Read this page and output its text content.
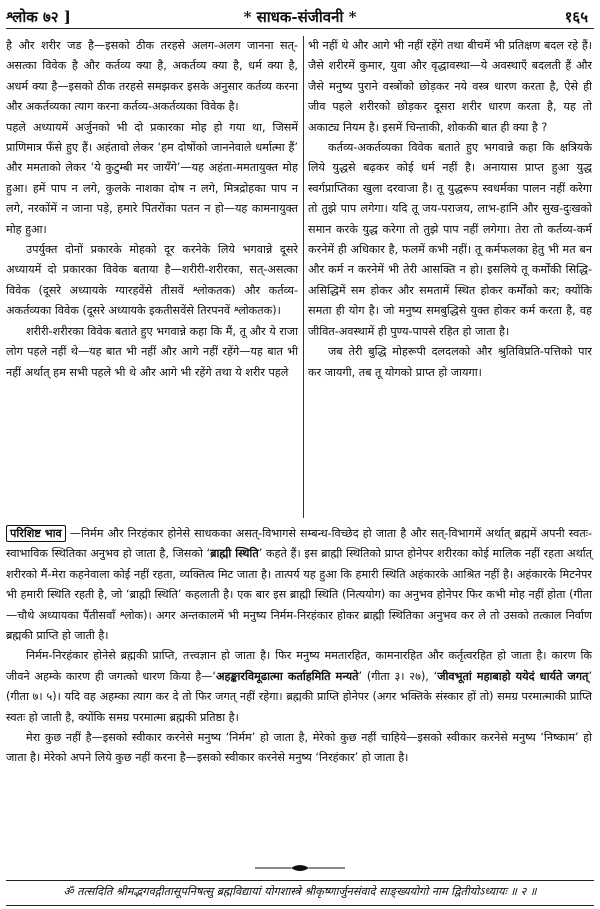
श्लोक ७२ ]	* साधक-संजीवनी *	१६५

है और शरीर जड है—इसको ठीक तरहसे अलग-अलग जानना सत्-असत्का विवेक है और कर्तव्य क्या है, अकर्तव्य क्या है, धर्म क्या है, अधर्म क्या है—इसको ठीक तरहसे समझकर इसके अनुसार कर्तव्य करना और अकर्तव्यका त्याग करना कर्तव्य-अकर्तव्यका विवेक है।

पहले अध्यायमें अर्जुनको भी दो प्रकारका मोह हो गया था, जिसमें प्राणिमात्र फँसे हुए हैं। अहंतावो लेकर ‘हम दोषोंको जाननेवाले धर्मात्मा हैं’ और ममताको लेकर ‘ये कुटुम्बी मर जायँगे’—यह अहंता-ममतायुक्त मोह हुआ। हमें पाप न लगे, कुलके नाशका दोष न लगे, मित्रद्रोहका पाप न लगे, नरकोंमें न जाना पड़े, हमारे पितरोंका पतन न हो—यह कामनायुक्त मोह हुआ।

उपर्युक्त दोनों प्रकारके मोहको दूर करनेके लिये भगवान्ने दूसरे अध्यायमें दो प्रकारका विवेक बताया है—शरीरी-शरीरका, सत्-असत्का विवेक (दूसरे अध्यायके ग्यारहवेंसे तीसवें श्लोकतक) और कर्तव्य-अकर्तव्यका विवेक (दूसरे अध्यायके इकतीसवेंसे तिरपनवें श्लोकतक)।

शरीरी-शरीरका विवेक बताते हुए भगवान्ने कहा कि मैं, तू और ये राजा लोग पहले नहीं थे—यह बात भी नहीं और आगे नहीं रहेंगे—यह बात भी नहीं अर्थात् हम सभी पहले भी थे और आगे भी रहेंगे तथा ये शरीर पहले

भी नहीं थे और आगे भी नहीं रहेंगे तथा बीचमें भी प्रतिक्षण बदल रहे हैं। जैसे शरीरमें कुमार, युवा और वृद्धावस्था—ये अवस्थाएँ बदलती हैं और जैसे मनुष्य पुराने वस्त्रोंको छोड़कर नये वस्त्र धारण करता है, ऐसे ही जीव पहले शरीरको छोड़कर दूसरा शरीर धारण करता है, यह तो अकाट्य नियम है। इसमें चिन्ताकी, शोककी बात ही क्या है ?

कर्तव्य-अकर्तव्यका विवेक बताते हुए भगवान्ने कहा कि क्षत्रियके लिये युद्धसे बढ़कर कोई धर्म नहीं है। अनायास प्राप्त हुआ युद्ध स्वर्गप्राप्तिका खुला दरवाजा है। तू युद्धरूप स्वधर्मका पालन नहीं करेगा तो तुझे पाप लगेगा। यदि तू जय-पराजय, लाभ-हानि और सुख-दुःखको समान करके युद्ध करेगा तो तुझे पाप नहीं लगेगा। तेरा तो कर्तव्य-कर्म करनेमें ही अधिकार है, फलमें कभी नहीं। तू कर्मफलका हेतु भी मत बन और कर्म न करनेमें भी तेरी आसक्ति न हो। इसलिये तू कर्मोंकी सिद्धि-असिद्धिमें सम होकर और समतामें स्थित होकर कर्मोंको कर; क्योंकि समता ही योग है। जो मनुष्य समबुद्धिसे युक्त होकर कर्म करता है, वह जीवित-अवस्थामें ही पुण्य-पापसे रहित हो जाता है।

जब तेरी बुद्धि मोहरूपी दलदलको और श्रुतिविप्रति-पत्तिको पार कर जायगी, तब तू योगको प्राप्त हो जायगा।

परिशिष्ट भाव —निर्मम और निरहंकार होनेसे साधकका असत्-विभागसे सम्बन्ध-विच्छेद हो जाता है और सत्-विभागमें अर्थात् ब्रह्ममें अपनी स्वतः-स्वाभाविक स्थितिका अनुभव हो जाता है, जिसको ‘ब्राह्मी स्थिति’ कहते हैं। इस ब्राह्मी स्थितिको प्राप्त होनेपर शरीरका कोई मालिक नहीं रहता अर्थात् शरीरको मैं-मेरा कहनेवाला कोई नहीं रहता, व्यक्तित्व मिट जाता है। तात्पर्य यह हुआ कि हमारी स्थिति अहंकारके आश्रित नहीं है। अहंकारके मिटनेपर भी हमारी स्थिति रहती है, जो ‘ब्राह्मी स्थिति’ कहलाती है। एक बार इस ब्राह्मी स्थिति (नित्ययोग) का अनुभव होनेपर फिर कभी मोह नहीं होता (गीता—चौथे अध्यायका पैंतीसवाँ श्लोक)। अगर अन्तकालमें भी मनुष्य निर्मम-निरहंकार होकर ब्राह्मी स्थितिका अनुभव कर ले तो उसको तत्काल निर्वाण ब्रह्मकी प्राप्ति हो जाती है।

निर्मम-निरहंकार होनेसे ब्रह्मकी प्राप्ति, तत्त्वज्ञान हो जाता है। फिर मनुष्य ममतारहित, कामनारहित और कर्तृत्वरहित हो जाता है। कारण कि जीवने अहम्के कारण ही जगत्को धारण किया है—‘अहङ्कारविमूढात्मा कर्ताहमिति मन्यते’ (गीता ३। २७), ‘जीवभूतां महाबाहो ययेदं धार्यते जगत्’ (गीता ७। ५)। यदि वह अहम्का त्याग कर दे तो फिर जगत् नहीं रहेगा। ब्रह्मकी प्राप्ति होनेपर (अगर भक्तिके संस्कार हों तो) समग्र परमात्माकी प्राप्ति स्वतः हो जाती है, क्योंकि समग्र परमात्मा ब्रह्मकी प्रतिष्ठा है।

मेरा कुछ नहीं है—इसको स्वीकार करनेसे मनुष्य ‘निर्मम’ हो जाता है, मेरेको कुछ नहीं चाहिये—इसको स्वीकार करनेसे मनुष्य ‘निष्काम’ हो जाता है। मेरेको अपने लिये कुछ नहीं करना है—इसको स्वीकार करनेसे मनुष्य ‘निरहंकार’ हो जाता है।

ॐ तत्सदिति श्रीमद्भगवद्गीतासूपनिषत्सु ब्रह्मविद्यायां योगशास्त्रे श्रीकृष्णार्जुनसंवादे साङ्ख्ययोगो नाम द्वितीयोऽध्यायः ॥ २ ॥
